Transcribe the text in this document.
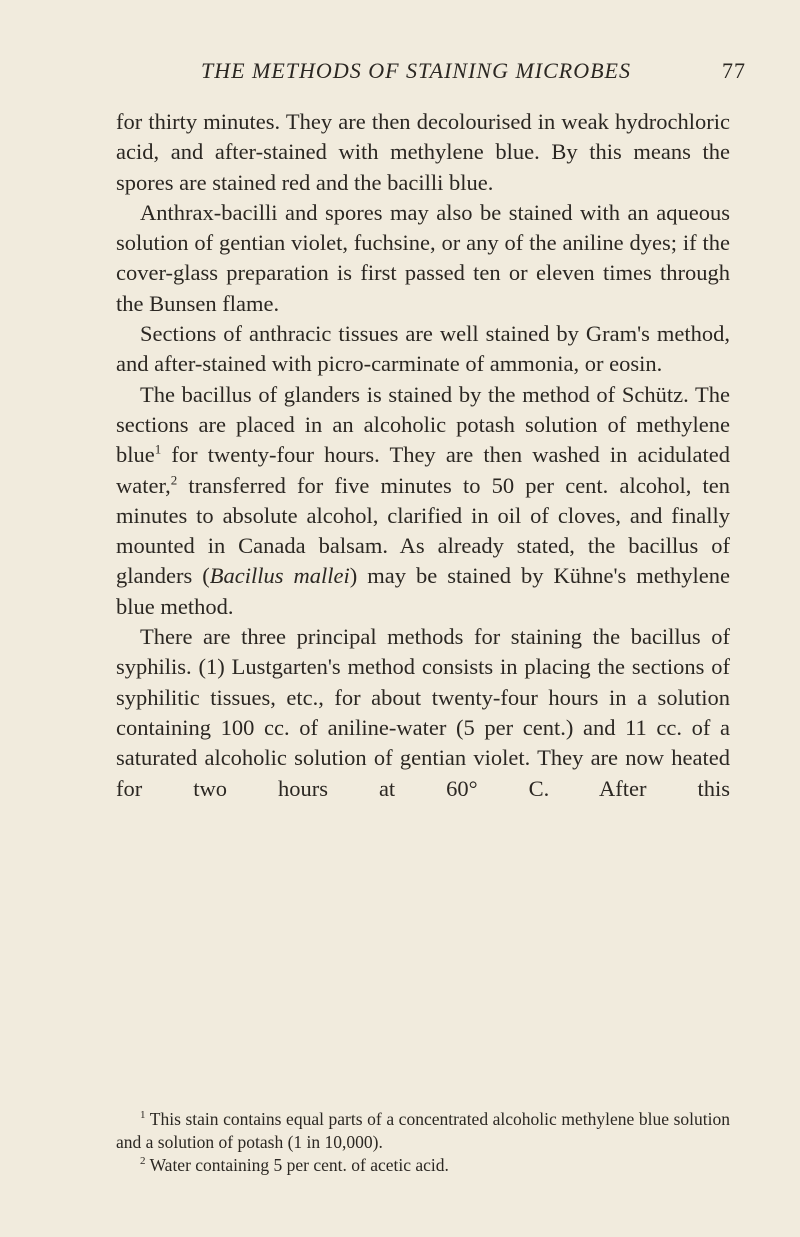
THE METHODS OF STAINING MICROBES	77

for thirty minutes. They are then decolourised in weak hydrochloric acid, and after-stained with methylene blue. By this means the spores are stained red and the bacilli blue.

Anthrax-bacilli and spores may also be stained with an aqueous solution of gentian violet, fuchsine, or any of the aniline dyes; if the cover-glass preparation is first passed ten or eleven times through the Bunsen flame.

Sections of anthracic tissues are well stained by Gram's method, and after-stained with picro-carminate of ammonia, or eosin.

The bacillus of glanders is stained by the method of Schütz. The sections are placed in an alcoholic potash solution of methylene blue$^1$ for twenty-four hours. They are then washed in acidulated water,$^2$ transferred for five minutes to 50 per cent. alcohol, ten minutes to absolute alcohol, clarified in oil of cloves, and finally mounted in Canada balsam. As already stated, the bacillus of glanders (Bacillus mallei) may be stained by Kühne's methylene blue method.

There are three principal methods for staining the bacillus of syphilis. (1) Lustgarten's method consists in placing the sections of syphilitic tissues, etc., for about twenty-four hours in a solution containing 100 cc. of aniline-water (5 per cent.) and 11 cc. of a saturated alcoholic solution of gentian violet. They are now heated for two hours at 60° C. After this

$^1$ This stain contains equal parts of a concentrated alcoholic methylene blue solution and a solution of potash (1 in 10,000).

$^2$ Water containing 5 per cent. of acetic acid.
